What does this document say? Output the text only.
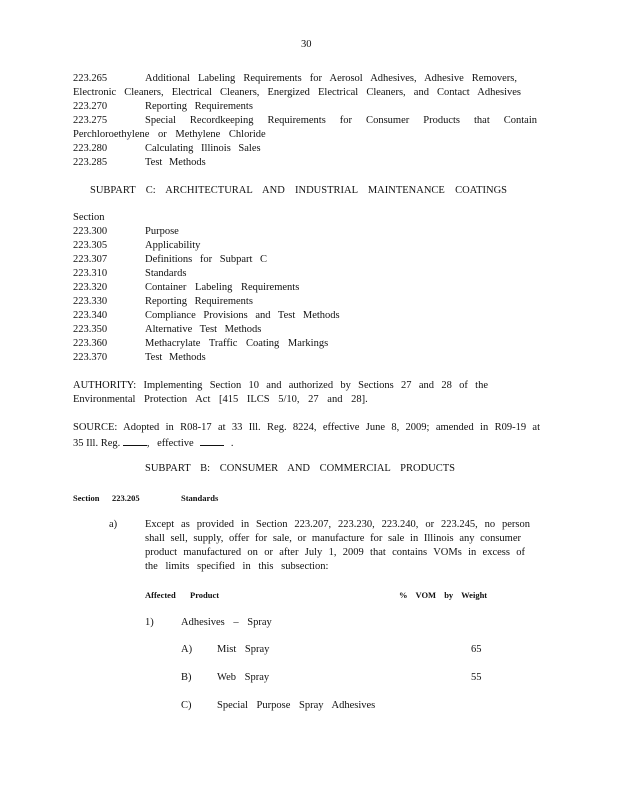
30

223.265	Additional Labeling Requirements for Aerosol Adhesives, Adhesive Removers,

Electronic Cleaners, Electrical Cleaners, Energized Electrical Cleaners, and Contact Adhesives

223.270	Reporting Requirements

223.275	Special Recordkeeping Requirements for Consumer Products that Contain

Perchloroethylene or Methylene Chloride

223.280	Calculating Illinois Sales

223.285	Test Methods

SUBPART C: ARCHITECTURAL AND INDUSTRIAL MAINTENANCE COATINGS

Section

223.300	Purpose

223.305	Applicability

223.307	Definitions for Subpart C

223.310	Standards

223.320	Container Labeling Requirements

223.330	Reporting Requirements

223.340	Compliance Provisions and Test Methods

223.350	Alternative Test Methods

223.360	Methacrylate Traffic Coating Markings

223.370	Test Methods

AUTHORITY: Implementing Section 10 and authorized by Sections 27 and 28 of the

Environmental Protection Act [415 ILCS 5/10, 27 and 28].

SOURCE: Adopted in R08-17 at 33 Ill. Reg. 8224, effective June 8, 2009; amended in R09-19 at

35 Ill. Reg.	, effective	.

SUBPART B: CONSUMER AND COMMERCIAL PRODUCTS

Section 223.205	Standards

a)	Except as provided in Section 223.207, 223.230, 223.240, or 223.245, no person

shall sell, supply, offer for sale, or manufacture for sale in Illinois any consumer

product manufactured on or after July 1, 2009 that contains VOMs in excess of

the limits specified in this subsection:

Affected Product	% VOM by Weight

1)	Adhesives – Spray

A) Mist Spray	65

B) Web Spray	55

C) Special Purpose Spray Adhesives
